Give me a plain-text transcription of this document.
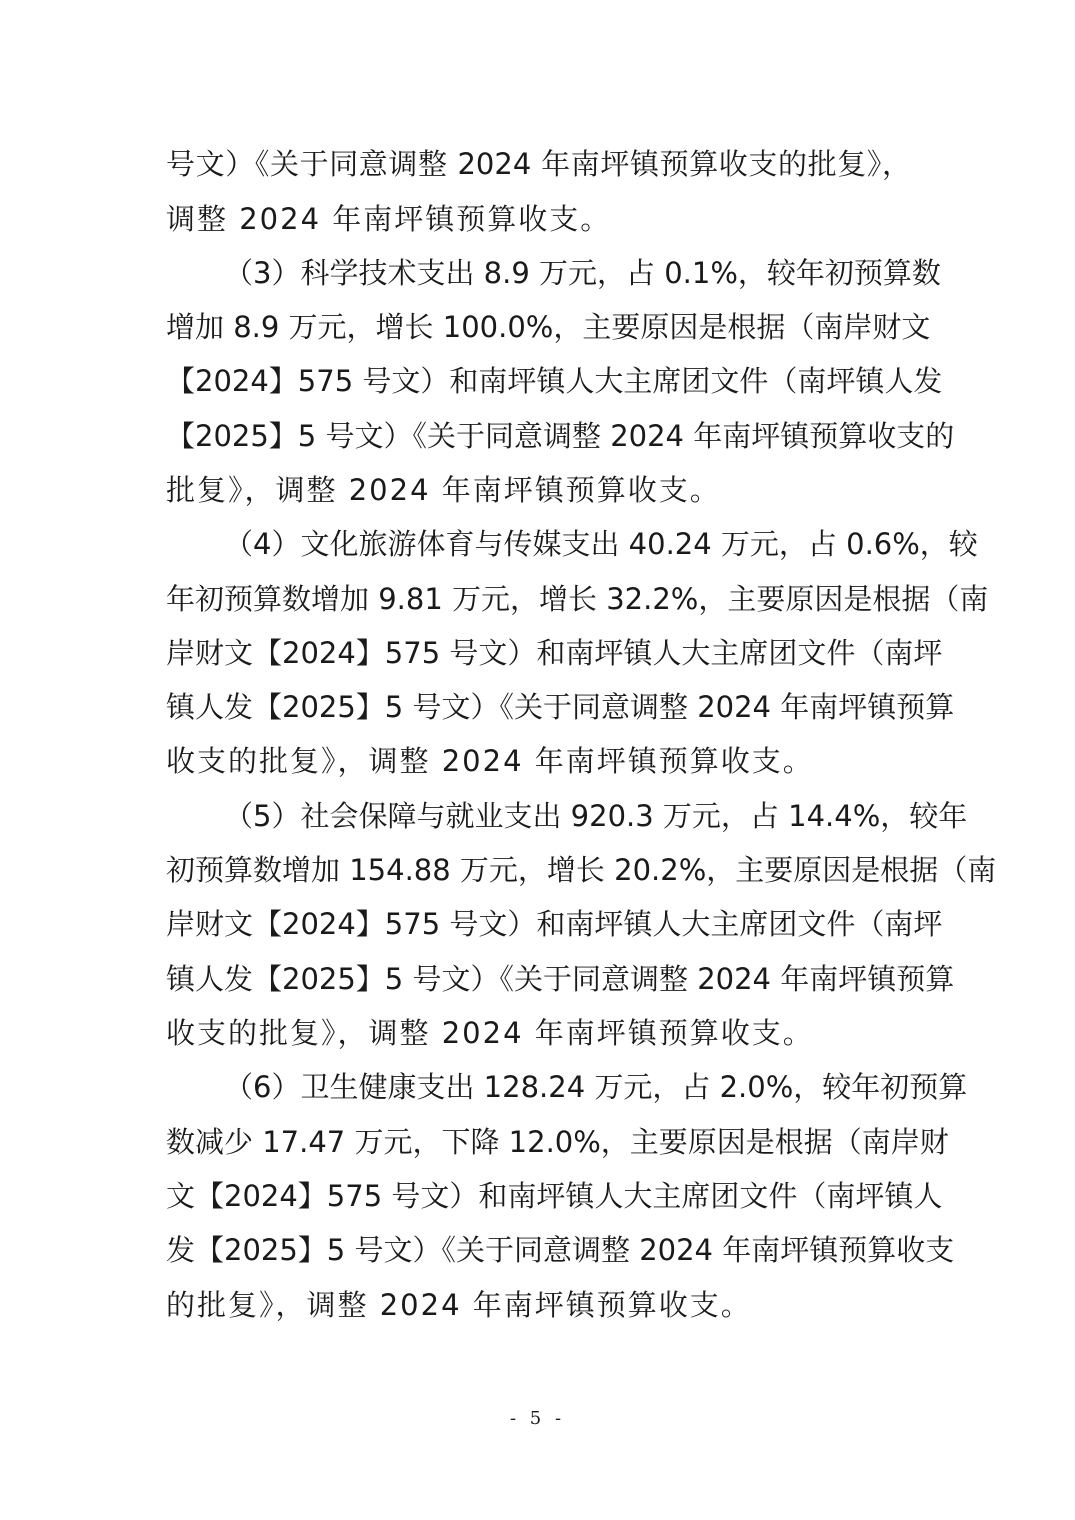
号文）《关于同意调整 2024 年南坪镇预算收支的批复》，
调整 2024 年南坪镇预算收支。
（3）科学技术支出 8.9 万元，占 0.1%，较年初预算数
增加 8.9 万元，增长 100.0%，主要原因是根据（南岸财文
【2024】575 号文）和南坪镇人大主席团文件（南坪镇人发
【2025】5 号文）《关于同意调整 2024 年南坪镇预算收支的
批复》，调整 2024 年南坪镇预算收支。
（4）文化旅游体育与传媒支出 40.24 万元，占 0.6%，较
年初预算数增加 9.81 万元，增长 32.2%，主要原因是根据（南
岸财文【2024】575 号文）和南坪镇人大主席团文件（南坪
镇人发【2025】5 号文）《关于同意调整 2024 年南坪镇预算
收支的批复》，调整 2024 年南坪镇预算收支。
（5）社会保障与就业支出 920.3 万元，占 14.4%，较年
初预算数增加 154.88 万元，增长 20.2%，主要原因是根据（南
岸财文【2024】575 号文）和南坪镇人大主席团文件（南坪
镇人发【2025】5 号文）《关于同意调整 2024 年南坪镇预算
收支的批复》，调整 2024 年南坪镇预算收支。
（6）卫生健康支出 128.24 万元，占 2.0%，较年初预算
数减少 17.47 万元，下降 12.0%，主要原因是根据（南岸财
文【2024】575 号文）和南坪镇人大主席团文件（南坪镇人
发【2025】5 号文）《关于同意调整 2024 年南坪镇预算收支
的批复》，调整 2024 年南坪镇预算收支。
- 5 -
